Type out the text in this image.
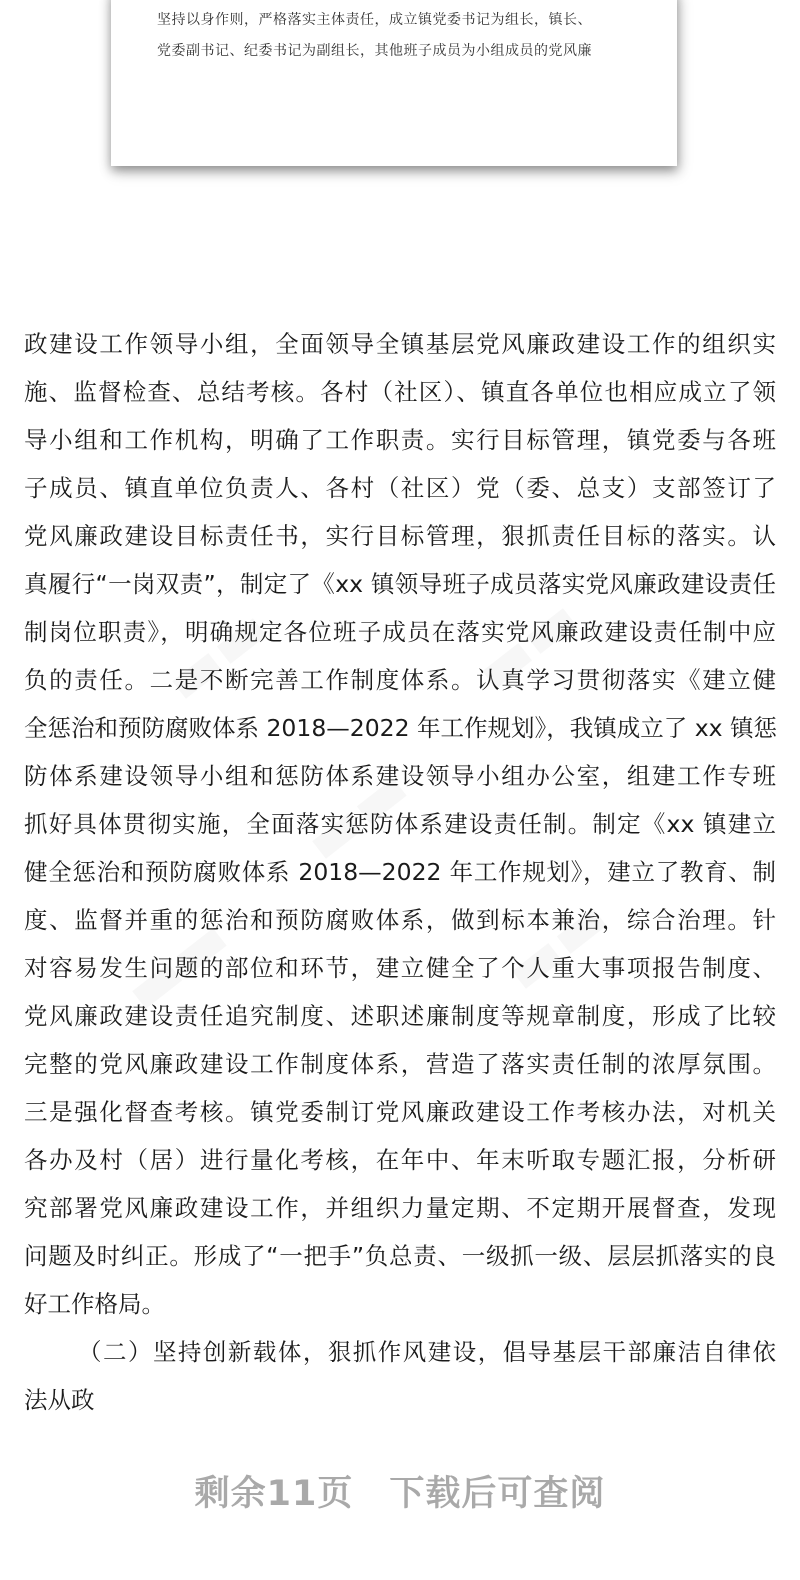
坚持以身作则，严格落实主体责任，成立镇党委书记为组长，镇长、
党委副书记、纪委书记为副组长，其他班子成员为小组成员的党风廉
▬▬	▬▬
▬▬
▬▬	▬▬
政建设工作领导小组，全面领导全镇基层党风廉政建设工作的组织实
施、监督检查、总结考核。各村（社区）、镇直各单位也相应成立了领
导小组和工作机构，明确了工作职责。实行目标管理，镇党委与各班
子成员、镇直单位负责人、各村（社区）党（委、总支）支部签订了
党风廉政建设目标责任书，实行目标管理，狠抓责任目标的落实。认
真履行“一岗双责”，制定了《xx 镇领导班子成员落实党风廉政建设责任
制岗位职责》，明确规定各位班子成员在落实党风廉政建设责任制中应
负的责任。二是不断完善工作制度体系。认真学习贯彻落实《建立健
全惩治和预防腐败体系 2018—2022 年工作规划》，我镇成立了 xx 镇惩
防体系建设领导小组和惩防体系建设领导小组办公室，组建工作专班
抓好具体贯彻实施，全面落实惩防体系建设责任制。制定《xx 镇建立
健全惩治和预防腐败体系 2018—2022 年工作规划》，建立了教育、制
度、监督并重的惩治和预防腐败体系，做到标本兼治，综合治理。针
对容易发生问题的部位和环节，建立健全了个人重大事项报告制度、
党风廉政建设责任追究制度、述职述廉制度等规章制度，形成了比较
完整的党风廉政建设工作制度体系，营造了落实责任制的浓厚氛围。
三是强化督查考核。镇党委制订党风廉政建设工作考核办法，对机关
各办及村（居）进行量化考核，在年中、年末听取专题汇报，分析研
究部署党风廉政建设工作，并组织力量定期、不定期开展督查，发现
问题及时纠正。形成了“一把手”负总责、一级抓一级、层层抓落实的良
好工作格局。
（二）坚持创新载体，狠抓作风建设，倡导基层干部廉洁自律依
法从政
剩余11页　下载后可查阅
